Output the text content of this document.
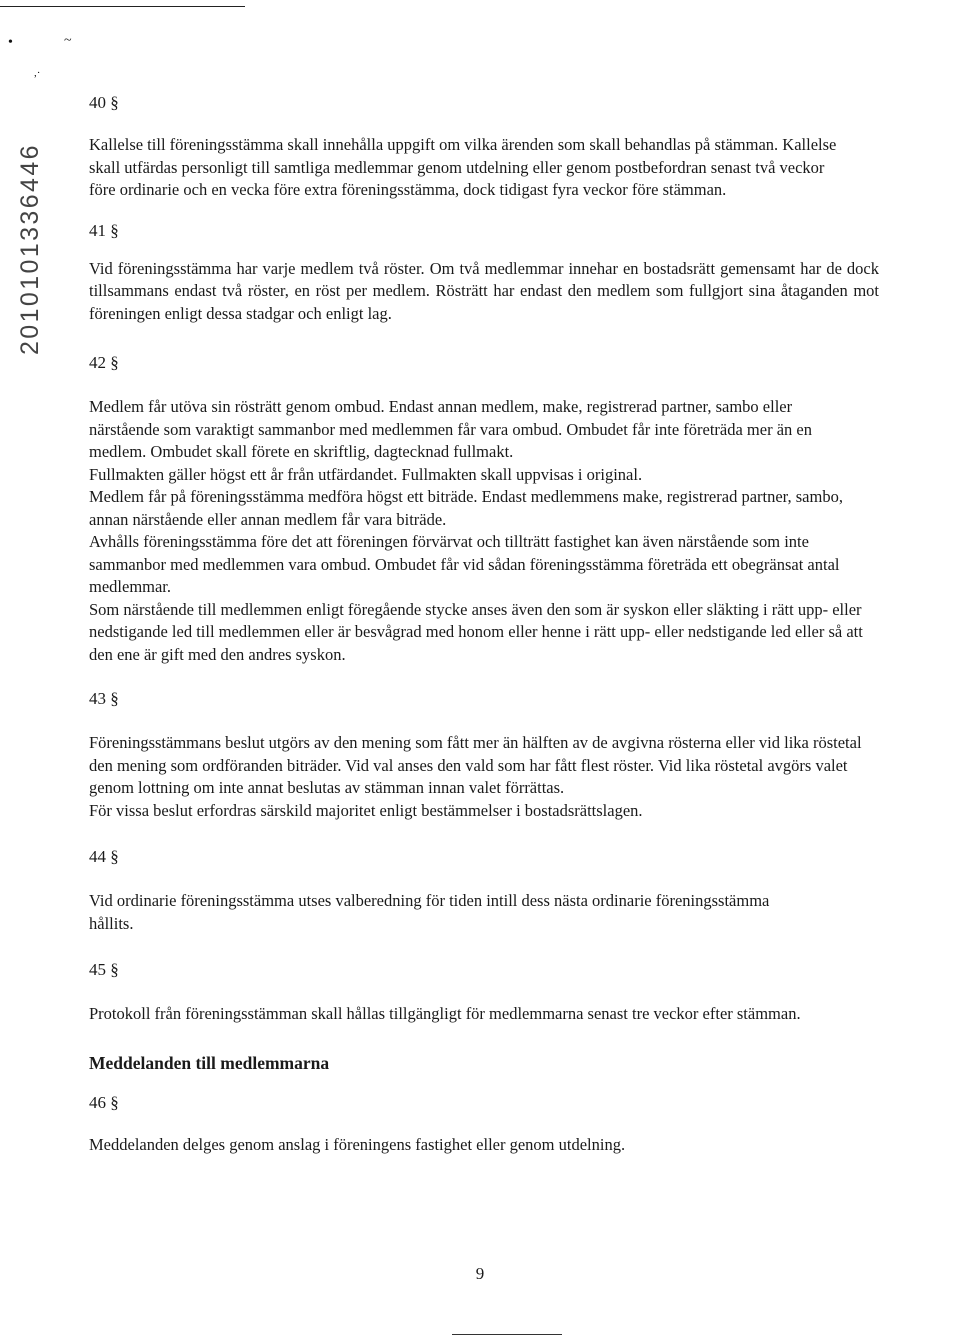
•	~
,·
2010101336446

40 §

Kallelse till föreningsstämma skall innehålla uppgift om vilka ärenden som skall behandlas på stämman. Kallelse skall utfärdas personligt till samtliga medlemmar genom utdelning eller genom postbefordran senast två veckor före ordinarie och en vecka före extra föreningsstämma, dock tidigast fyra veckor före stämman.

41 §

Vid föreningsstämma har varje medlem två röster. Om två medlemmar innehar en bostadsrätt gemensamt har de dock tillsammans endast två röster, en röst per medlem. Rösträtt har endast den medlem som fullgjort sina åtaganden mot föreningen enligt dessa stadgar och enligt lag.

42 §

Medlem får utöva sin rösträtt genom ombud. Endast annan medlem, make, registrerad partner, sambo eller närstående som varaktigt sammanbor med medlemmen får vara ombud. Ombudet får inte företräda mer än en medlem. Ombudet skall förete en skriftlig, dagtecknad fullmakt.

Fullmakten gäller högst ett år från utfärdandet. Fullmakten skall uppvisas i original.

Medlem får på föreningsstämma medföra högst ett biträde. Endast medlemmens make, registrerad partner, sambo, annan närstående eller annan medlem får vara biträde.

Avhålls föreningsstämma före det att föreningen förvärvat och tillträtt fastighet kan även närstående som inte sammanbor med medlemmen vara ombud. Ombudet får vid sådan föreningsstämma företräda ett obegränsat antal medlemmar.

Som närstående till medlemmen enligt föregående stycke anses även den som är syskon eller släkting i rätt upp- eller nedstigande led till medlemmen eller är besvågrad med honom eller henne i rätt upp- eller nedstigande led eller så att den ene är gift med den andres syskon.

43 §

Föreningsstämmans beslut utgörs av den mening som fått mer än hälften av de avgivna rösterna eller vid lika röstetal den mening som ordföranden biträder. Vid val anses den vald som har fått flest röster. Vid lika röstetal avgörs valet genom lottning om inte annat beslutas av stämman innan valet förrättas.

För vissa beslut erfordras särskild majoritet enligt bestämmelser i bostadsrättslagen.

44 §

Vid ordinarie föreningsstämma utses valberedning för tiden intill dess nästa ordinarie föreningsstämma hållits.

45 §

Protokoll från föreningsstämman skall hållas tillgängligt för medlemmarna senast tre veckor efter stämman.

Meddelanden till medlemmarna

46 §

Meddelanden delges genom anslag i föreningens fastighet eller genom utdelning.

9
